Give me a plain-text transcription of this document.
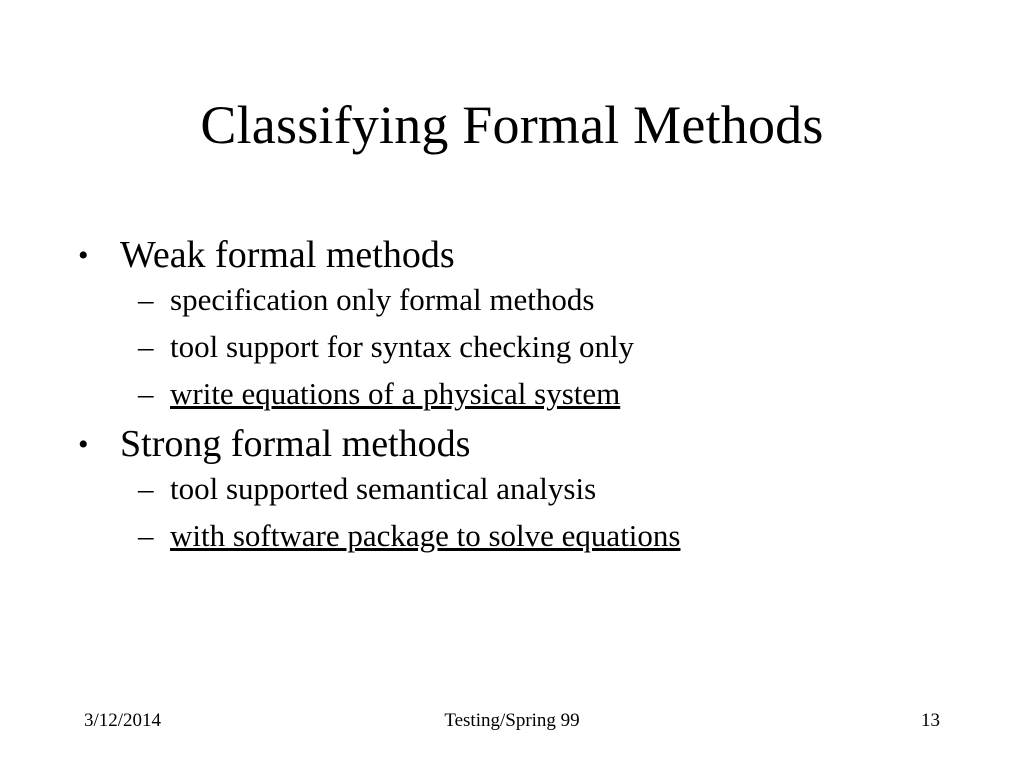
Classifying Formal Methods
• Weak formal methods
– specification only formal methods
– tool support for syntax checking only
– write equations of a physical system
• Strong formal methods
– tool supported semantical analysis
– with software package to solve equations
3/12/2014	Testing/Spring 99	13
